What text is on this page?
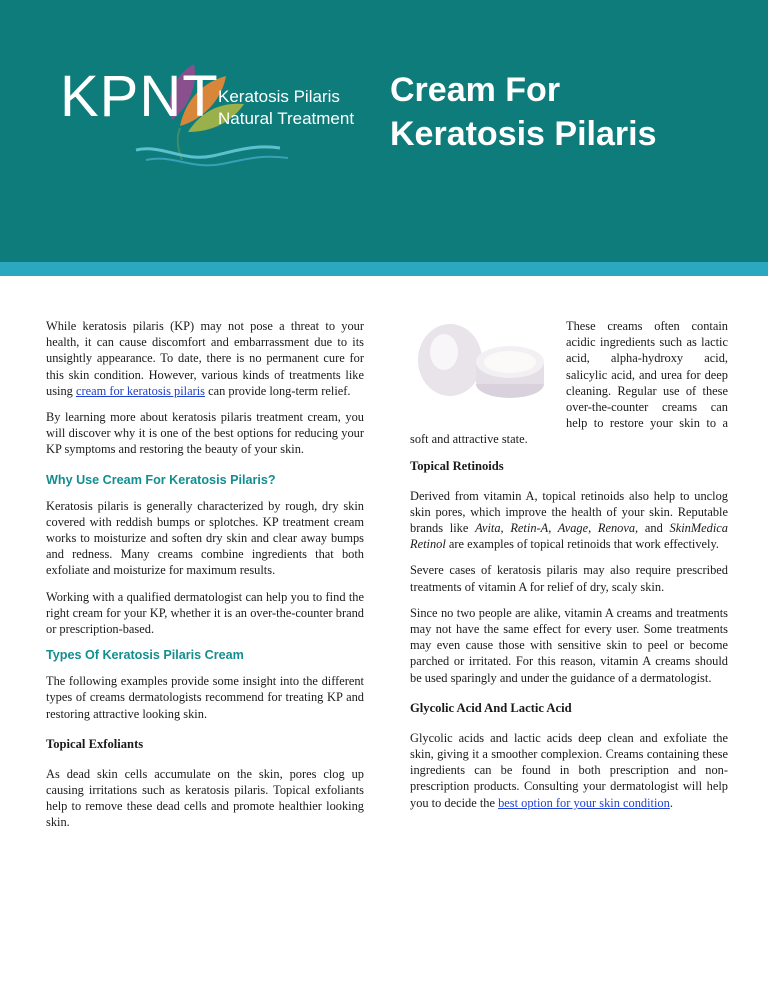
KPNT Keratosis Pilaris
Natural Treatment
Cream For
Keratosis Pilaris

While keratosis pilaris (KP) may not pose a threat to your health, it can cause discomfort and embarrassment due to its unsightly appearance. To date, there is no permanent cure for this skin condition. However, various kinds of treatments like using cream for keratosis pilaris can provide long-term relief.

By learning more about keratosis pilaris treatment cream, you will discover why it is one of the best options for reducing your KP symptoms and restoring the beauty of your skin.

Why Use Cream For Keratosis Pilaris?

Keratosis pilaris is generally characterized by rough, dry skin covered with reddish bumps or splotches. KP treatment cream works to moisturize and soften dry skin and clear away bumps and redness. Many creams combine ingredients that both exfoliate and moisturize for maximum results.

Working with a qualified dermatologist can help you to find the right cream for your KP, whether it is an over-the-counter brand or prescription-based.

Types Of Keratosis Pilaris Cream

The following examples provide some insight into the different types of creams dermatologists recommend for treating KP and restoring attractive looking skin.

Topical Exfoliants

As dead skin cells accumulate on the skin, pores clog up causing irritations such as keratosis pilaris. Topical exfoliants help to remove these dead cells and promote healthier looking skin.

These creams often contain acidic ingredients such as lactic acid, alpha-hydroxy acid, salicylic acid, and urea for deep cleaning. Regular use of these over-the-counter creams can help to restore your skin to a soft and attractive state.

Topical Retinoids

Derived from vitamin A, topical retinoids also help to unclog skin pores, which improve the health of your skin. Reputable brands like Avita, Retin-A, Avage, Renova, and SkinMedica Retinol are examples of topical retinoids that work effectively.

Severe cases of keratosis pilaris may also require prescribed treatments of vitamin A for relief of dry, scaly skin.

Since no two people are alike, vitamin A creams and treatments may not have the same effect for every user. Some treatments may even cause those with sensitive skin to peel or become parched or irritated. For this reason, vitamin A creams should be used sparingly and under the guidance of a dermatologist.

Glycolic Acid And Lactic Acid

Glycolic acids and lactic acids deep clean and exfoliate the skin, giving it a smoother complexion. Creams containing these ingredients can be found in both prescription and non-prescription products. Consulting your dermatologist will help you to decide the best option for your skin condition.
